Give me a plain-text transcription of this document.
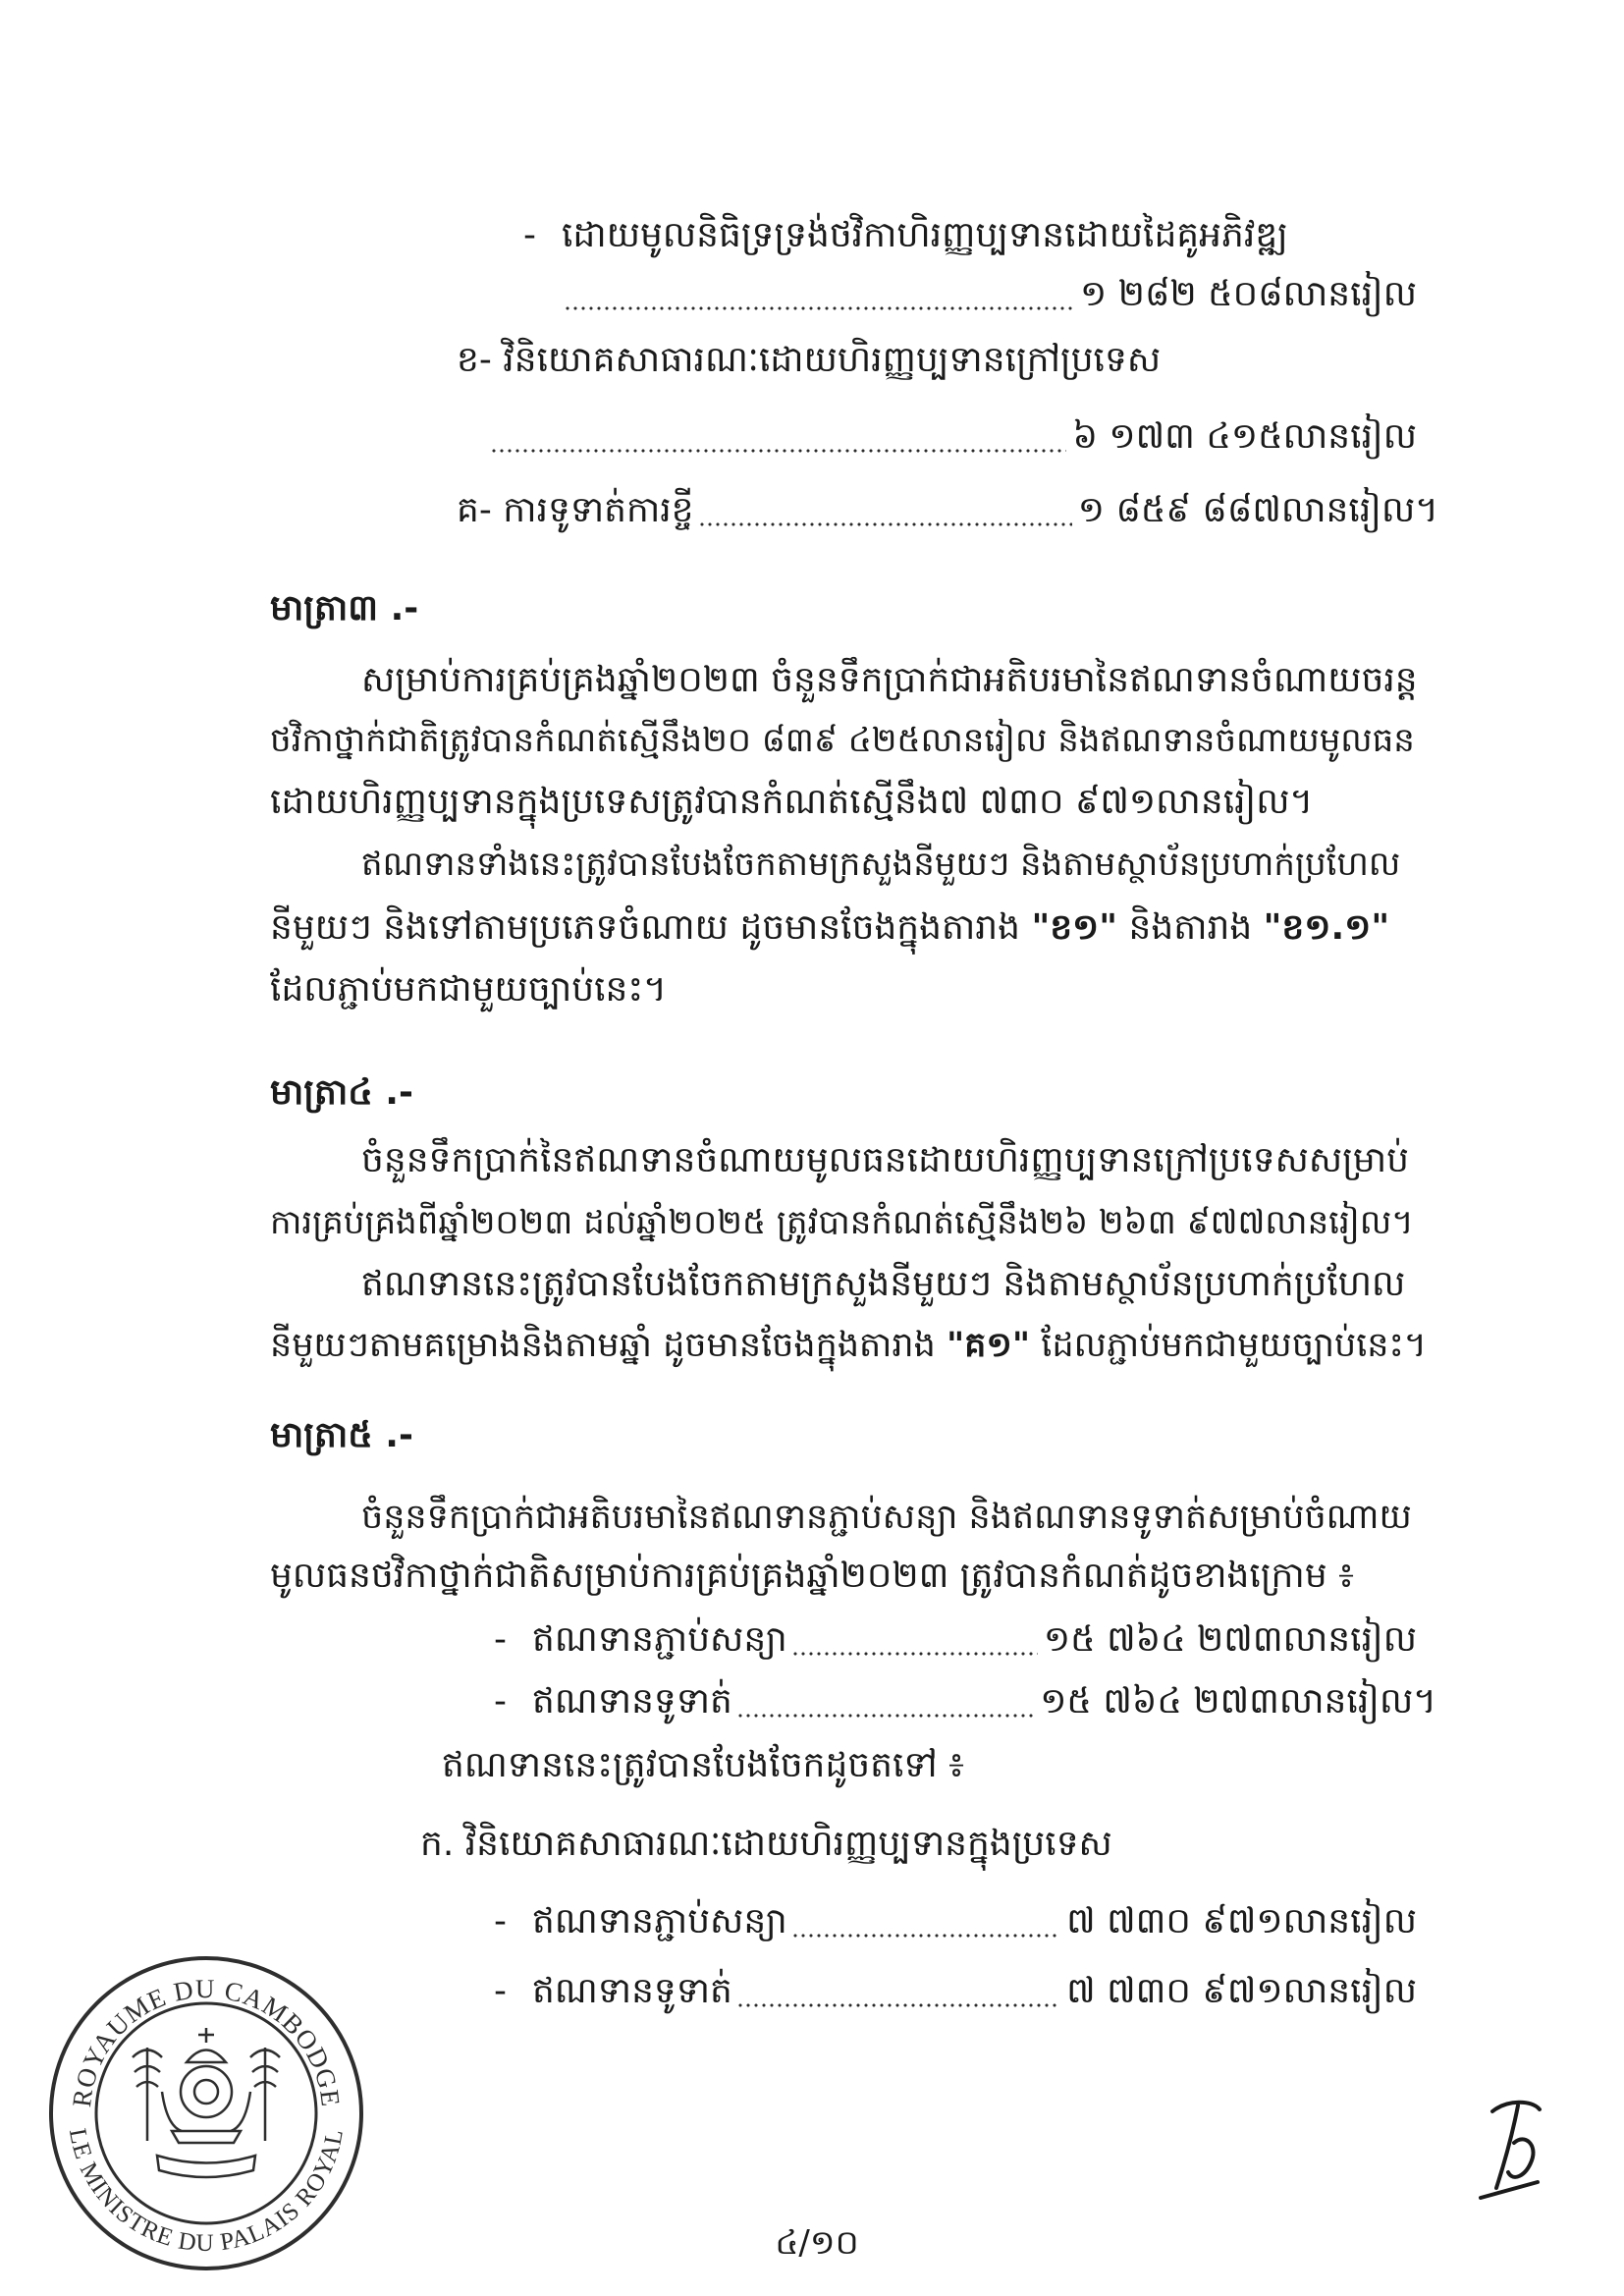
- ដោយមូលនិធិទ្រទ្រង់ថវិកាហិរញ្ញប្បទានដោយដៃគូអភិវឌ្ឍ
១ ២៨២ ៥០៨លានរៀល
ខ- វិនិយោគសាធារណៈដោយហិរញ្ញប្បទានក្រៅប្រទេស
៦ ១៧៣ ៤១៥លានរៀល
គ- ការទូទាត់ការខ្ចី	១ ៨៥៩ ៨៨៧លានរៀល។
មាត្រា៣ .-
សម្រាប់ការគ្រប់គ្រងឆ្នាំ២០២៣ ចំនួនទឹកប្រាក់ជាអតិបរមានៃឥណទានចំណាយចរន្ត
ថវិកាថ្នាក់ជាតិត្រូវបានកំណត់ស្មើនឹង២០ ៨៣៩ ៤២៥លានរៀល និងឥណទានចំណាយមូលធន
ដោយហិរញ្ញប្បទានក្នុងប្រទេសត្រូវបានកំណត់ស្មើនឹង៧ ៧៣០ ៩៧១លានរៀល។
ឥណទានទាំងនេះត្រូវបានបែងចែកតាមក្រសួងនីមួយៗ និងតាមស្ថាប័នប្រហាក់ប្រហែល
នីមួយៗ និងទៅតាមប្រភេទចំណាយ ដូចមានចែងក្នុងតារាង "ខ១" និងតារាង "ខ១.១"
ដែលភ្ជាប់មកជាមួយច្បាប់នេះ។
មាត្រា៤ .-
ចំនួនទឹកប្រាក់នៃឥណទានចំណាយមូលធនដោយហិរញ្ញប្បទានក្រៅប្រទេសសម្រាប់
ការគ្រប់គ្រងពីឆ្នាំ២០២៣ ដល់ឆ្នាំ២០២៥ ត្រូវបានកំណត់ស្មើនឹង២៦ ២៦៣ ៩៧៧លានរៀល។
ឥណទាននេះត្រូវបានបែងចែកតាមក្រសួងនីមួយៗ និងតាមស្ថាប័នប្រហាក់ប្រហែល
នីមួយៗតាមគម្រោងនិងតាមឆ្នាំ ដូចមានចែងក្នុងតារាង "គ១" ដែលភ្ជាប់មកជាមួយច្បាប់នេះ។
មាត្រា៥ .-
ចំនួនទឹកប្រាក់ជាអតិបរមានៃឥណទានភ្ជាប់សន្យា និងឥណទានទូទាត់សម្រាប់ចំណាយ
មូលធនថវិកាថ្នាក់ជាតិសម្រាប់ការគ្រប់គ្រងឆ្នាំ២០២៣ ត្រូវបានកំណត់ដូចខាងក្រោម ៖
- ឥណទានភ្ជាប់សន្យា	១៥ ៧៦៤ ២៧៣លានរៀល
- ឥណទានទូទាត់	១៥ ៧៦៤ ២៧៣លានរៀល។
ឥណទាននេះត្រូវបានបែងចែកដូចតទៅ ៖
ក. វិនិយោគសាធារណៈដោយហិរញ្ញប្បទានក្នុងប្រទេស
- ឥណទានភ្ជាប់សន្យា	៧ ៧៣០ ៩៧១លានរៀល
- ឥណទានទូទាត់	៧ ៧៣០ ៩៧១លានរៀល
៤/១០
ROYAUME DU CAMBODGE
LE MINISTRE DU PALAIS ROYAL
